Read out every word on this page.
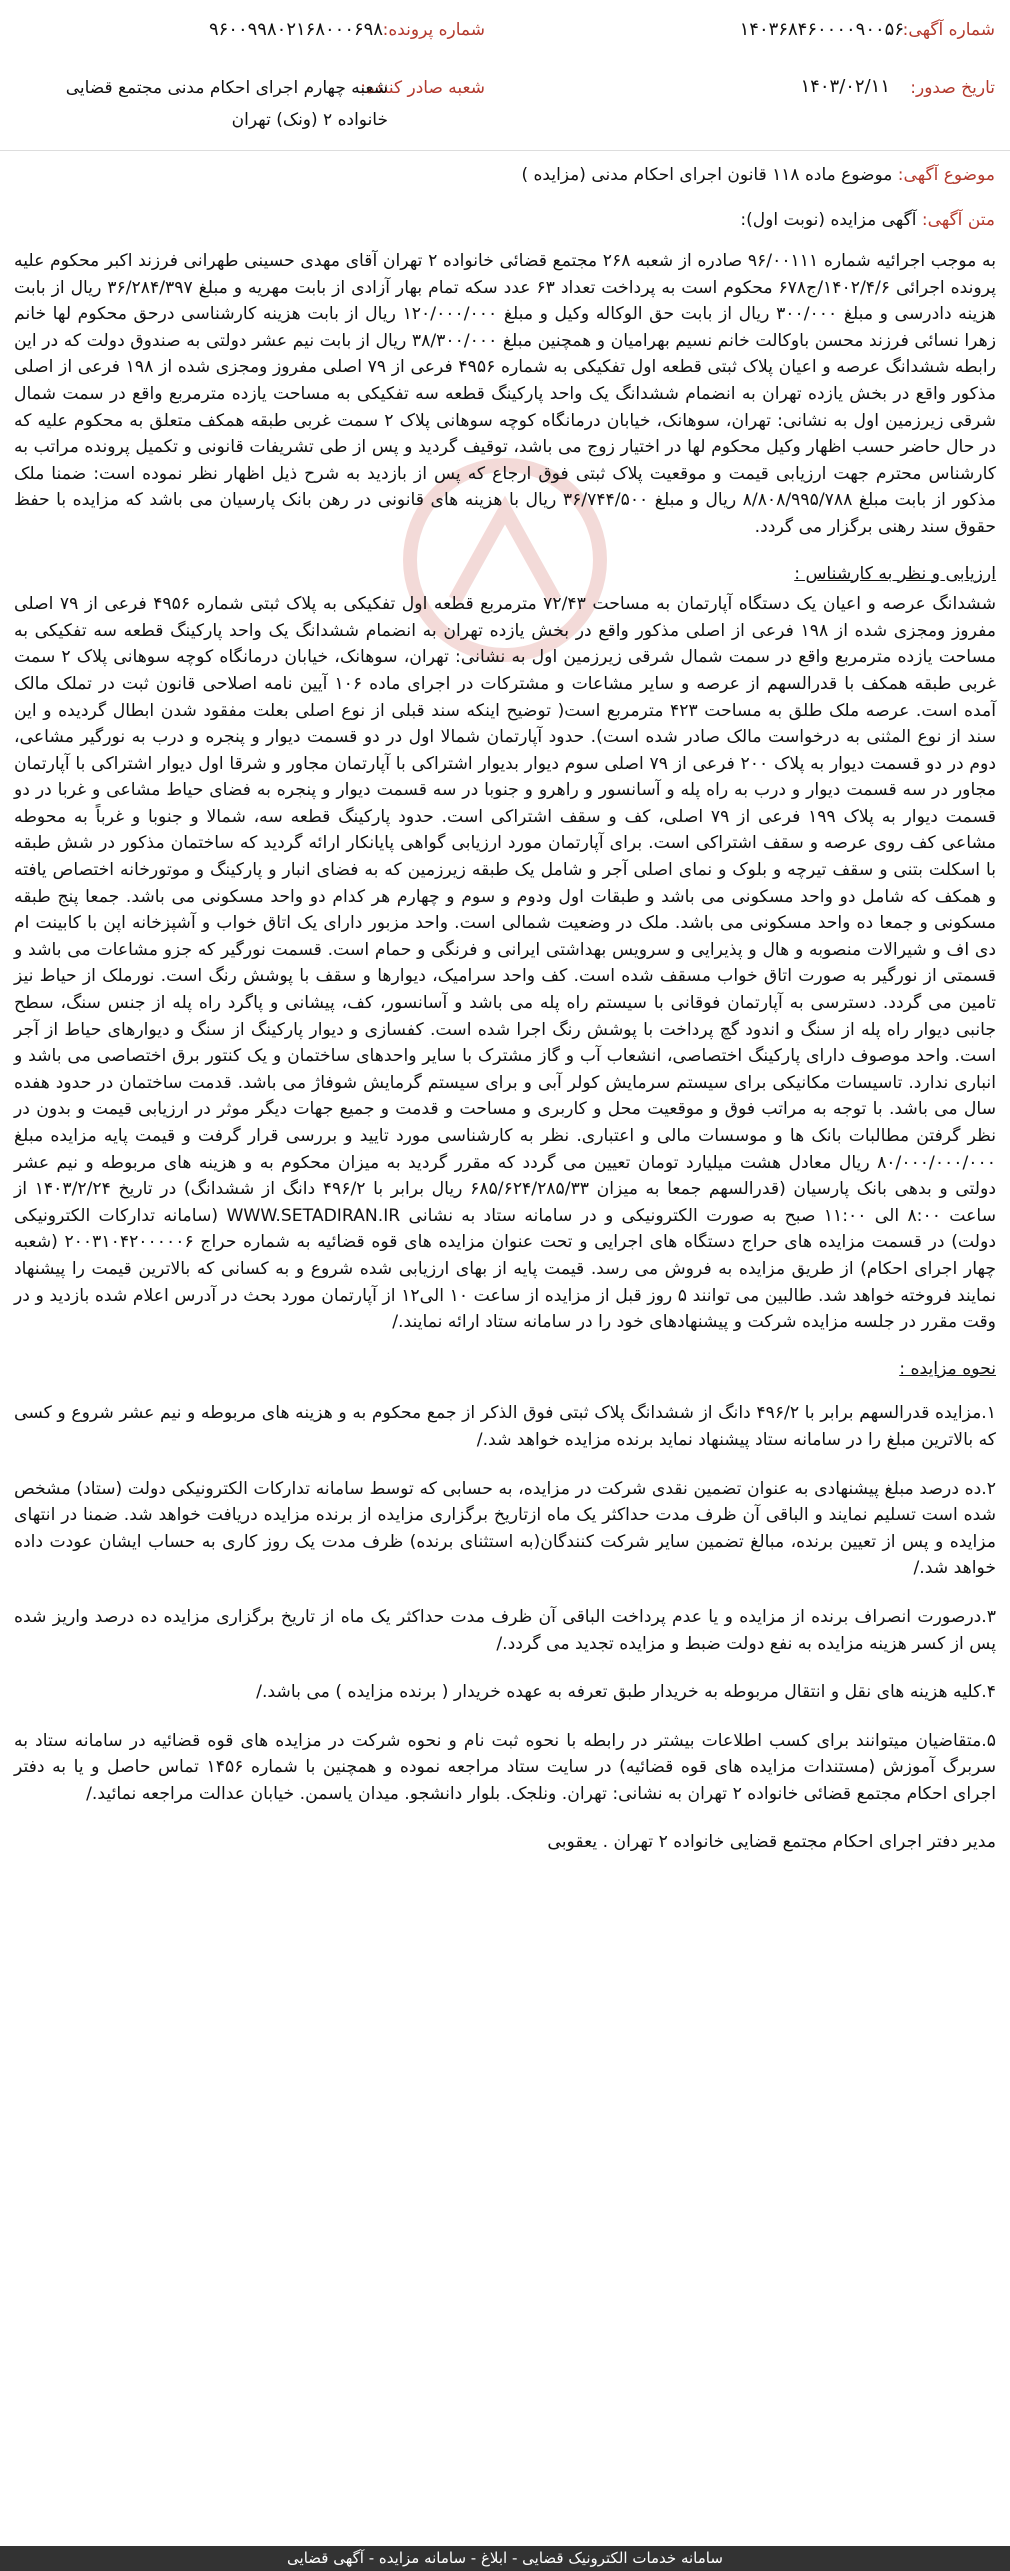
شماره آگهی:
۱۴۰۳۶۸۴۶۰۰۰۰۹۰۰۵۶
شماره پرونده:
۹۶۰۰۹۹۸۰۲۱۶۸۰۰۰۶۹۸
تاریخ صدور:
۱۴۰۳/۰۲/۱۱
شعبه صادر کننده:
شعبه چهارم اجرای احکام مدنی مجتمع قضایی خانواده ۲ (ونک) تهران
موضوع آگهی: موضوع ماده ۱۱۸ قانون اجرای احکام مدنی (مزایده )
متن آگهی: آگهی مزایده (نوبت اول):

به موجب اجرائیه شماره ۹۶/۰۰۱۱۱ صادره از شعبه ۲۶۸ مجتمع قضائی خانواده ۲ تهران آقای مهدی حسینی طهرانی فرزند اکبر محکوم علیه پرونده اجرائی ۱۴۰۲/۴/۶/ج۶۷۸ محکوم است به پرداخت تعداد ۶۳ عدد سکه تمام بهار آزادی از بابت مهریه و مبلغ ۳۶/۲۸۴/۳۹۷ ریال از بابت هزینه دادرسی و مبلغ ۳۰۰/۰۰۰ ریال از بابت حق الوکاله وکیل و مبلغ ۱۲۰/۰۰۰/۰۰۰ ریال از بابت هزینه کارشناسی درحق محکوم لها خانم زهرا نسائی فرزند محسن باوکالت خانم نسیم بهرامیان و همچنین مبلغ ۳۸/۳۰۰/۰۰۰ ریال از بابت نیم عشر دولتی به صندوق دولت که در این رابطه ششدانگ عرصه و اعیان پلاک ثبتی قطعه اول تفکیکی به شماره ۴۹۵۶ فرعی از ۷۹ اصلی مفروز ومجزی شده از ۱۹۸ فرعی از اصلی مذکور واقع در بخش یازده تهران به انضمام ششدانگ یک واحد پارکینگ قطعه سه تفکیکی به مساحت یازده مترمربع واقع در سمت شمال شرقی زیرزمین اول به نشانی: تهران، سوهانک، خیابان درمانگاه کوچه سوهانی پلاک ۲ سمت غربی طبقه همکف متعلق به محکوم علیه که در حال حاضر حسب اظهار وکیل محکوم لها در اختیار زوج می باشد، توقیف گردید و پس از طی تشریفات قانونی و تکمیل پرونده مراتب به کارشناس محترم جهت ارزیابی قیمت و موقعیت پلاک ثبتی فوق ارجاع که پس از بازدید به شرح ذیل اظهار نظر نموده است: ضمنا ملک مذکور از بابت مبلغ ۸/۸۰۸/۹۹۵/۷۸۸ ریال و مبلغ ۳۶/۷۴۴/۵۰۰ ریال با هزینه های قانونی در رهن بانک پارسیان می باشد که مزایده با حفظ حقوق سند رهنی برگزار می گردد.

ارزیابی و نظر به کارشناس :

ششدانگ عرصه و اعیان یک دستگاه آپارتمان به مساحت ۷۲/۴۳ مترمربع قطعه اول تفکیکی به پلاک ثبتی شماره ۴۹۵۶ فرعی از ۷۹ اصلی مفروز ومجزی شده از ۱۹۸ فرعی از اصلی مذکور واقع در بخش یازده تهران به انضمام ششدانگ یک واحد پارکینگ قطعه سه تفکیکی به مساحت یازده مترمربع واقع در سمت شمال شرقی زیرزمین اول به نشانی: تهران، سوهانک، خیابان درمانگاه کوچه سوهانی پلاک ۲ سمت غربی طبقه همکف با قدرالسهم از عرصه و سایر مشاعات و مشترکات در اجرای ماده ۱۰۶ آیین نامه اصلاحی قانون ثبت در تملک مالک آمده است. عرصه ملک طلق به مساحت ۴۲۳ مترمربع است( توضیح اینکه سند قبلی از نوع اصلی بعلت مفقود شدن ابطال گردیده و این سند از نوع المثنی به درخواست مالک صادر شده است). حدود آپارتمان شمالا اول در دو قسمت دیوار و پنجره و درب به نورگیر مشاعی، دوم در دو قسمت دیوار به پلاک ۲۰۰ فرعی از ۷۹ اصلی سوم دیوار بدیوار اشتراکی با آپارتمان مجاور و شرقا اول دیوار اشتراکی با آپارتمان مجاور در سه قسمت دیوار و درب به راه پله و آسانسور و راهرو و جنوبا در سه قسمت دیوار و پنجره به فضای حیاط مشاعی و غربا در دو قسمت دیوار به پلاک ۱۹۹ فرعی از ۷۹ اصلی، کف و سقف اشتراکی است. حدود پارکینگ قطعه سه، شمالا و جنوبا و غرباً به محوطه مشاعی کف روی عرصه و سقف اشتراکی است. برای آپارتمان مورد ارزیابی گواهی پایانکار ارائه گردید که ساختمان مذکور در شش طبقه با اسکلت بتنی و سقف تیرچه و بلوک و نمای اصلی آجر و شامل یک طبقه زیرزمین که به فضای انبار و پارکینگ و موتورخانه اختصاص یافته و همکف که شامل دو واحد مسکونی می باشد و طبقات اول ودوم و سوم و چهارم هر کدام دو واحد مسکونی می باشد. جمعا پنج طبقه مسکونی و جمعا ده واحد مسکونی می باشد. ملک در وضعیت شمالی است. واحد مزبور دارای یک اتاق خواب و آشپزخانه اپن با کابینت ام دی اف و شیرالات منصوبه و هال و پذیرایی و سرویس بهداشتی ایرانی و فرنگی و حمام است. قسمت نورگیر که جزو مشاعات می باشد و قسمتی از نورگیر به صورت اتاق خواب مسقف شده است. کف واحد سرامیک، دیوارها و سقف با پوشش رنگ است. نورملک از حیاط نیز تامین می گردد. دسترسی به آپارتمان فوقانی با سیستم راه پله می باشد و آسانسور، کف، پیشانی و پاگرد راه پله از جنس سنگ، سطح جانبی دیوار راه پله از سنگ و اندود گچ پرداخت با پوشش رنگ اجرا شده است. کفسازی و دیوار پارکینگ از سنگ و دیوارهای حیاط از آجر است. واحد موصوف دارای پارکینگ اختصاصی، انشعاب آب و گاز مشترک با سایر واحدهای ساختمان و یک کنتور برق اختصاصی می باشد و انباری ندارد. تاسیسات مکانیکی برای سیستم سرمایش کولر آبی و برای سیستم گرمایش شوفاژ می باشد. قدمت ساختمان در حدود هفده سال می باشد. با توجه به مراتب فوق و موقعیت محل و کاربری و مساحت و قدمت و جمیع جهات دیگر موثر در ارزیابی قیمت و بدون در نظر گرفتن مطالبات بانک ها و موسسات مالی و اعتباری. نظر به کارشناسی مورد تایید و بررسی قرار گرفت و قیمت پایه مزایده مبلغ ۸۰/۰۰۰/۰۰۰/۰۰۰ ریال معادل هشت میلیارد تومان تعیین می گردد که مقرر گردید به میزان محکوم به و هزینه های مربوطه و نیم عشر دولتی و بدهی بانک پارسیان (قدرالسهم جمعا به میزان ۶۸۵/۶۲۴/۲۸۵/۳۳ ریال برابر با ۴۹۶/۲ دانگ از ششدانگ) در تاریخ ۱۴۰۳/۲/۲۴ از ساعت ۸:۰۰ الی ۱۱:۰۰ صبح به صورت الکترونیکی و در سامانه ستاد به نشانی WWW.SETADIRAN.IR (سامانه تدارکات الکترونیکی دولت) در قسمت مزایده های حراج دستگاه های اجرایی و تحت عنوان مزایده های قوه قضائیه به شماره حراج ۲۰۰۳۱۰۴۲۰۰۰۰۰۶ (شعبه چهار اجرای احکام) از طریق مزایده به فروش می رسد. قیمت پایه از بهای ارزیابی شده شروع و به کسانی که بالاترین قیمت را پیشنهاد نمایند فروخته خواهد شد. طالبین می توانند ۵ روز قبل از مزایده از ساعت ۱۰ الی۱۲ از آپارتمان مورد بحث در آدرس اعلام شده بازدید و در وقت مقرر در جلسه مزایده شرکت و پیشنهادهای خود را در سامانه ستاد ارائه نمایند./

نحوه مزایده :

۱.مزایده قدرالسهم برابر با ۴۹۶/۲ دانگ از ششدانگ پلاک ثبتی فوق الذکر از جمع محکوم به و هزینه های مربوطه و نیم عشر شروع و کسی که بالاترین مبلغ را در سامانه ستاد پیشنهاد نماید برنده مزایده خواهد شد./

۲.ده درصد مبلغ پیشنهادی به عنوان تضمین نقدی شرکت در مزایده، به حسابی که توسط سامانه تدارکات الکترونیکی دولت (ستاد) مشخص شده است تسلیم نمایند و الباقی آن ظرف مدت حداکثر یک ماه ازتاریخ برگزاری مزایده از برنده مزایده دریافت خواهد شد. ضمنا در انتهای مزایده و پس از تعیین برنده، مبالغ تضمین سایر شرکت کنندگان(به استثنای برنده) ظرف مدت یک روز کاری به حساب ایشان عودت داده خواهد شد./

۳.درصورت انصراف برنده از مزایده و یا عدم پرداخت الباقی آن ظرف مدت حداکثر یک ماه از تاریخ برگزاری مزایده ده درصد واریز شده پس از کسر هزینه مزایده به نفع دولت ضبط و مزایده تجدید می گردد./

۴.کلیه هزینه های نقل و انتقال مربوطه به خریدار طبق تعرفه به عهده خریدار ( برنده مزایده ) می باشد./

۵.متقاضیان میتوانند برای کسب اطلاعات بیشتر در رابطه با نحوه ثبت نام و نحوه شرکت در مزایده های قوه قضائیه در سامانه ستاد به سربرگ آموزش (مستندات مزایده های قوه قضائیه) در سایت ستاد مراجعه نموده و همچنین با شماره ۱۴۵۶ تماس حاصل و یا به دفتر اجرای احکام مجتمع قضائی خانواده ۲ تهران به نشانی: تهران. ونلجک. بلوار دانشجو. میدان یاسمن. خیابان عدالت مراجعه نمائید./

مدیر دفتر اجرای احکام مجتمع قضایی خانواده ۲ تهران . یعقوبی

سامانه خدمات الکترونیک قضایی - ابلاغ - سامانه مزایده - آگهی قضایی
